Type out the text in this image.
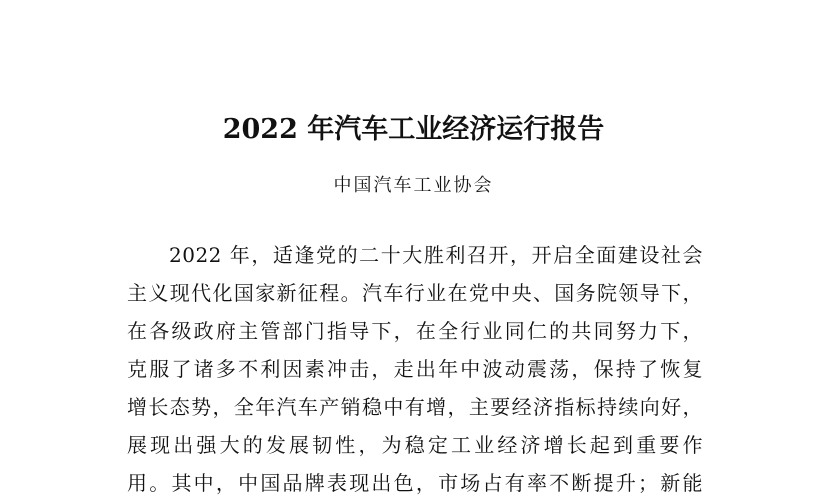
2022 年汽车工业经济运行报告
中国汽车工业协会
2022 年，适逢党的二十大胜利召开，开启全面建设社会
主义现代化国家新征程。汽车行业在党中央、国务院领导下，
在各级政府主管部门指导下，在全行业同仁的共同努力下，
克服了诸多不利因素冲击，走出年中波动震荡，保持了恢复
增长态势，全年汽车产销稳中有增，主要经济指标持续向好，
展现出强大的发展韧性，为稳定工业经济增长起到重要作
用。其中，中国品牌表现出色，市场占有率不断提升；新能
